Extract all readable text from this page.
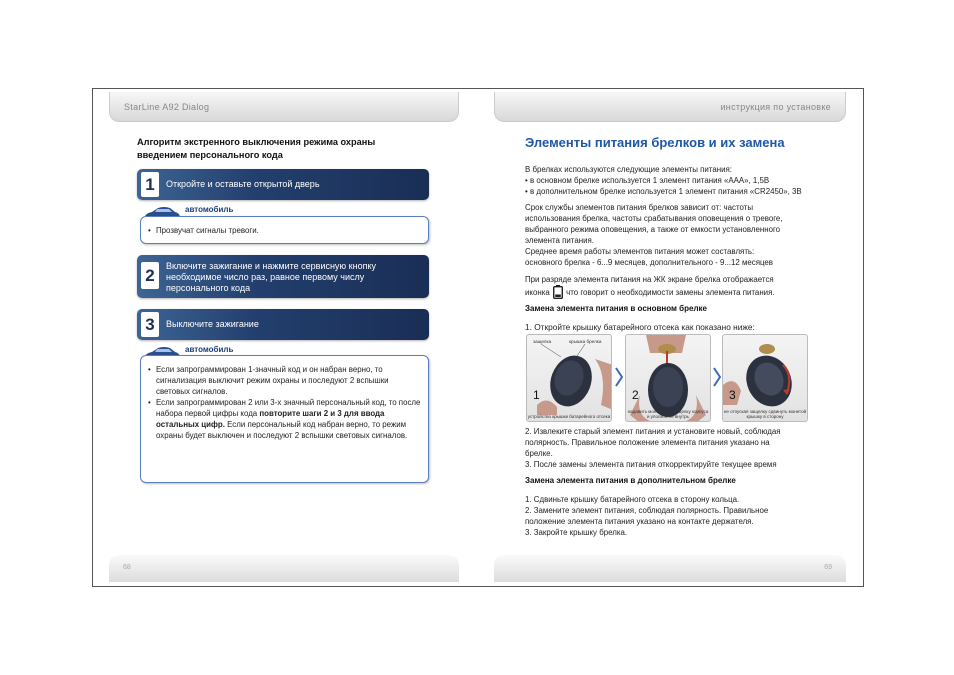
StarLine A92 Dialog
68
инструкция по установке
69
Алгоритм экстренного выключения режима охраны введением персонального кода
1	Откройте и оставьте открытой дверь
автомобиль
• Прозвучат сигналы тревоги.
2	Включите зажигание и нажмите сервисную кнопку необходимое число раз, равное первому числу персонального кода
3	Выключите зажигание
автомобиль
• Если запрограммирован 1-значный код и он набран верно, то сигнализация выключит режим охраны и последуют 2 вспышки световых сигналов.
• Если запрограммирован 2 или 3-х значный персональный код, то после набора первой цифры кода повторите шаги 2 и 3 для ввода остальных цифр. Если персональный код набран верно, то режим охраны будет выключен и последуют 2 вспышки световых сигналов.
Элементы питания брелков и их замена
В брелках используются следующие элементы питания:
• в основном брелке используется 1 элемент питания «AAA», 1,5В
• в дополнительном брелке используется 1 элемент питания «CR2450», 3В
Срок службы элементов питания брелков зависит от: частоты
использования брелка, частоты срабатывания оповещения о тревоге,
выбранного режима оповещения, а также от емкости установленного
элемента питания.
Среднее время работы элементов питания может составлять:
основного брелка - 6...9 месяцев, дополнительного - 9...12 месяцев
При разряде элемента питания на ЖК экране брелка отображается
иконка что говорит о необходимости замены элемента питания.
Замена элемента питания в основном брелке
1. Откройте крышку батарейного отсека как показано ниже:
защелка	крышка брелка
1
устройство крышки батарейного отсека
2
надавить монетой на защелку корпуса и уполить её внутрь
3
не отпуская защелку сдвинуть монетой крышку в сторону
2. Извлеките старый элемент питания и установите новый, соблюдая
полярность. Правильное положение элемента питания указано на
брелке.
3. После замены элемента питания откорректируйте текущее время
Замена элемента питания в дополнительном брелке
1. Сдвиньте крышку батарейного отсека в сторону кольца.
2. Замените элемент питания, соблюдая полярность. Правильное
положение элемента питания указано на контакте держателя.
3. Закройте крышку брелка.
